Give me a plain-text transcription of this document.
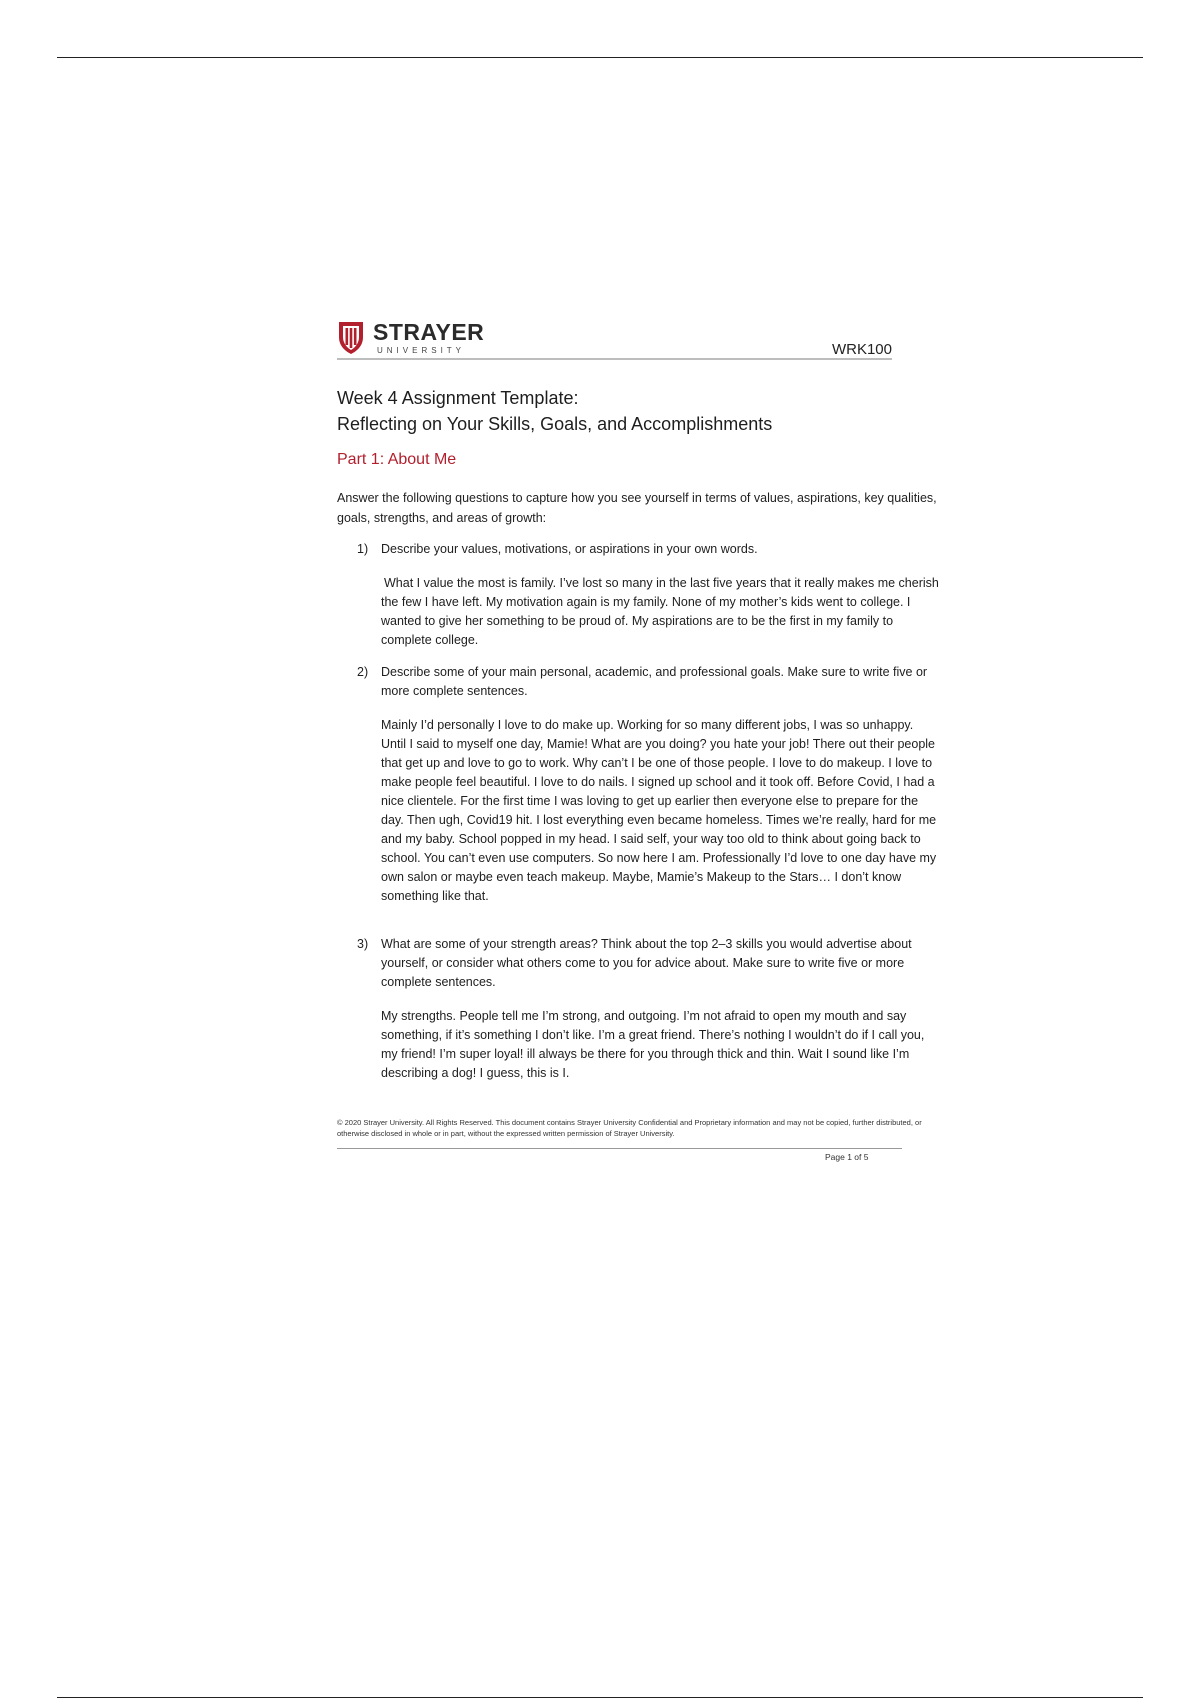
STRAYER
UNIVERSITY	WRK100
Week 4 Assignment Template:
Reflecting on Your Skills, Goals, and Accomplishments
Part 1: About Me
Answer the following questions to capture how you see yourself in terms of values, aspirations, key qualities, goals, strengths, and areas of growth:
1) Describe your values, motivations, or aspirations in your own words.
What I value the most is family. I’ve lost so many in the last five years that it really makes me cherish the few I have left. My motivation again is my family. None of my mother’s kids went to college. I wanted to give her something to be proud of. My aspirations are to be the first in my family to complete college.
2) Describe some of your main personal, academic, and professional goals. Make sure to write five or more complete sentences.
Mainly I’d personally I love to do make up. Working for so many different jobs, I was so unhappy. Until I said to myself one day, Mamie! What are you doing? you hate your job! There out their people that get up and love to go to work. Why can’t I be one of those people. I love to do makeup. I love to make people feel beautiful. I love to do nails. I signed up school and it took off. Before Covid, I had a nice clientele. For the first time I was loving to get up earlier then everyone else to prepare for the day. Then ugh, Covid19 hit. I lost everything even became homeless. Times we’re really, hard for me and my baby. School popped in my head. I said self, your way too old to think about going back to school. You can’t even use computers. So now here I am. Professionally I’d love to one day have my own salon or maybe even teach makeup. Maybe, Mamie’s Makeup to the Stars… I don’t know something like that.
3) What are some of your strength areas? Think about the top 2–3 skills you would advertise about yourself, or consider what others come to you for advice about. Make sure to write five or more complete sentences.
My strengths. People tell me I’m strong, and outgoing. I’m not afraid to open my mouth and say something, if it’s something I don’t like. I’m a great friend. There’s nothing I wouldn’t do if I call you, my friend! I’m super loyal! ill always be there for you through thick and thin. Wait I sound like I’m describing a dog! I guess, this is I.
© 2020 Strayer University. All Rights Reserved. This document contains Strayer University Confidential and Proprietary information and may not be copied, further distributed, or otherwise disclosed in whole or in part, without the expressed written permission of Strayer University.
Page 1 of 5
